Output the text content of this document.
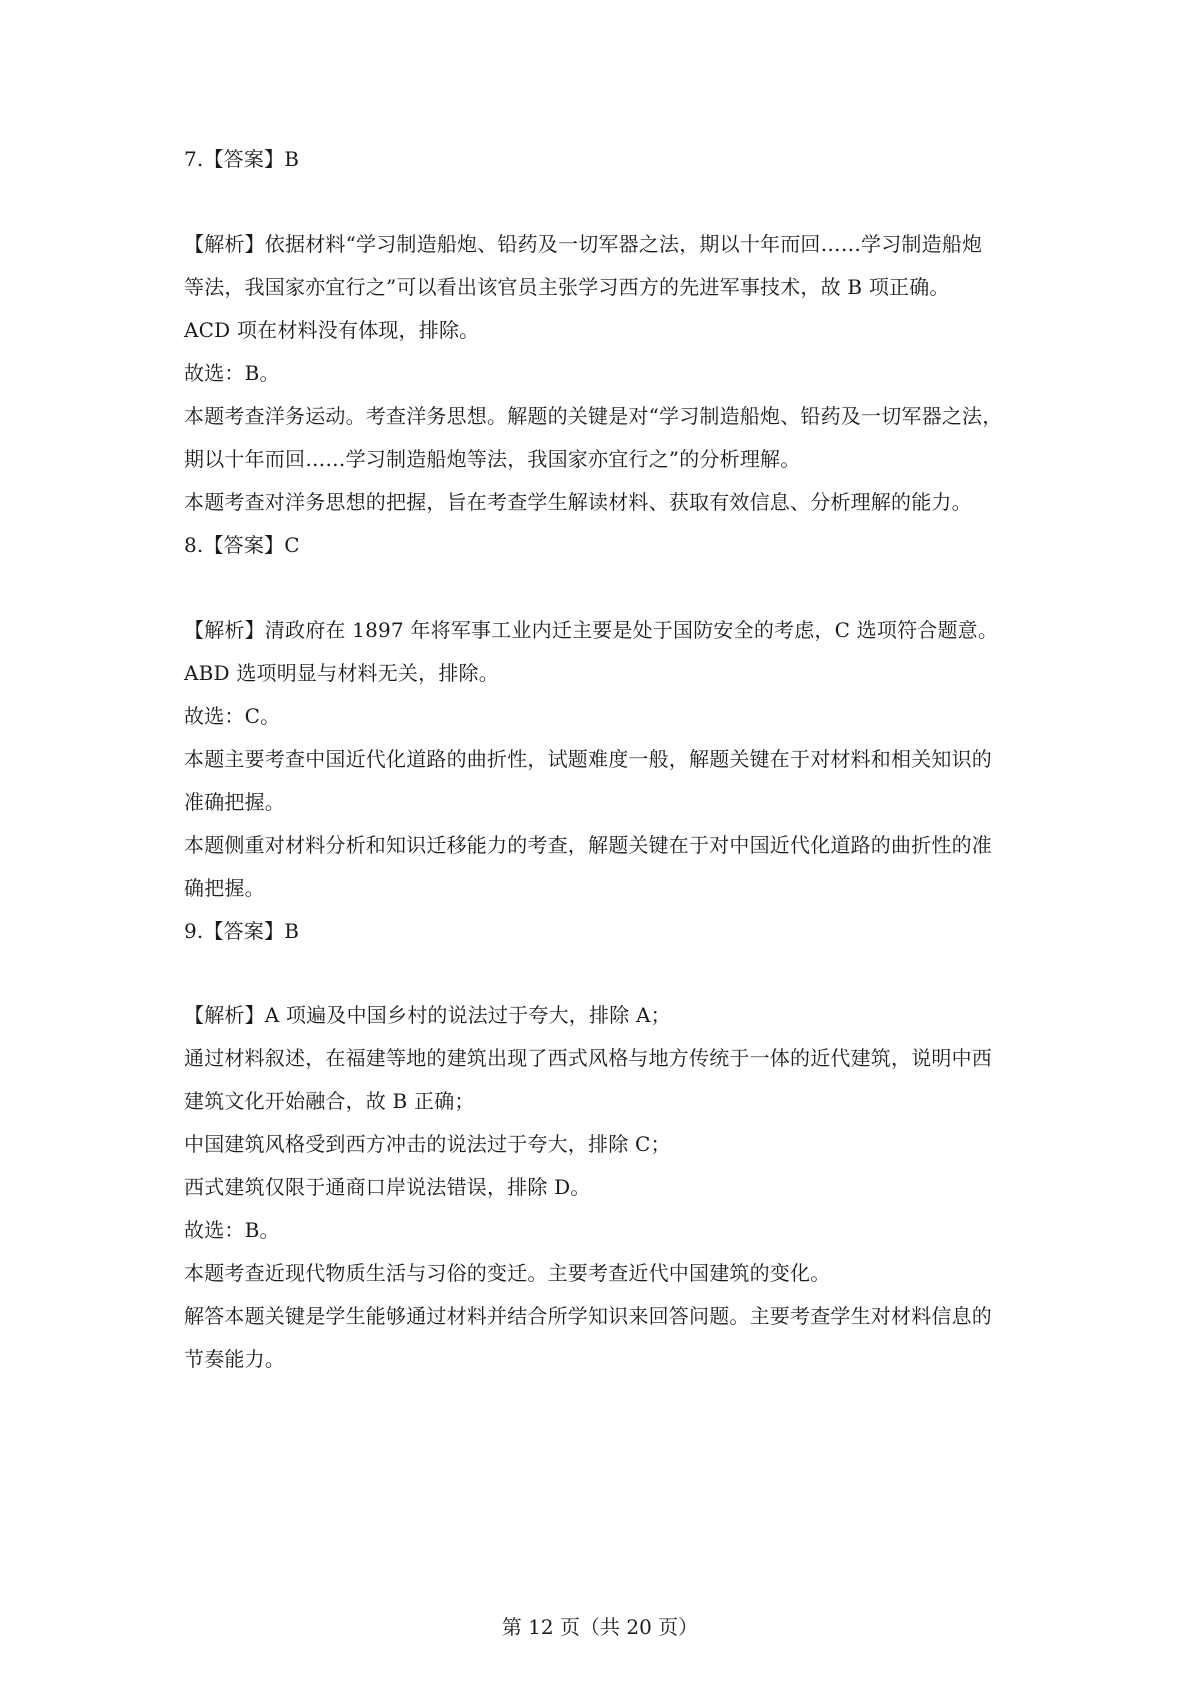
7.【答案】B
【解析】依据材料“学习制造船炮、铅药及一切军器之法，期以十年而回……学习制造船炮
等法，我国家亦宜行之”可以看出该官员主张学习西方的先进军事技术，故 B 项正确。
ACD 项在材料没有体现，排除。
故选：B。
本题考查洋务运动。考查洋务思想。解题的关键是对“学习制造船炮、铅药及一切军器之法，
期以十年而回……学习制造船炮等法，我国家亦宜行之”的分析理解。
本题考查对洋务思想的把握，旨在考查学生解读材料、获取有效信息、分析理解的能力。
8.【答案】C
【解析】清政府在 1897 年将军事工业内迁主要是处于国防安全的考虑，C 选项符合题意。
ABD 选项明显与材料无关，排除。
故选：C。
本题主要考查中国近代化道路的曲折性，试题难度一般，解题关键在于对材料和相关知识的
准确把握。
本题侧重对材料分析和知识迁移能力的考查，解题关键在于对中国近代化道路的曲折性的准
确把握。
9.【答案】B
【解析】A 项遍及中国乡村的说法过于夸大，排除 A；
通过材料叙述，在福建等地的建筑出现了西式风格与地方传统于一体的近代建筑，说明中西
建筑文化开始融合，故 B 正确；
中国建筑风格受到西方冲击的说法过于夸大，排除 C；
西式建筑仅限于通商口岸说法错误，排除 D。
故选：B。
本题考查近现代物质生活与习俗的变迁。主要考查近代中国建筑的变化。
解答本题关键是学生能够通过材料并结合所学知识来回答问题。主要考查学生对材料信息的
节奏能力。
第 12 页（共 20 页）
